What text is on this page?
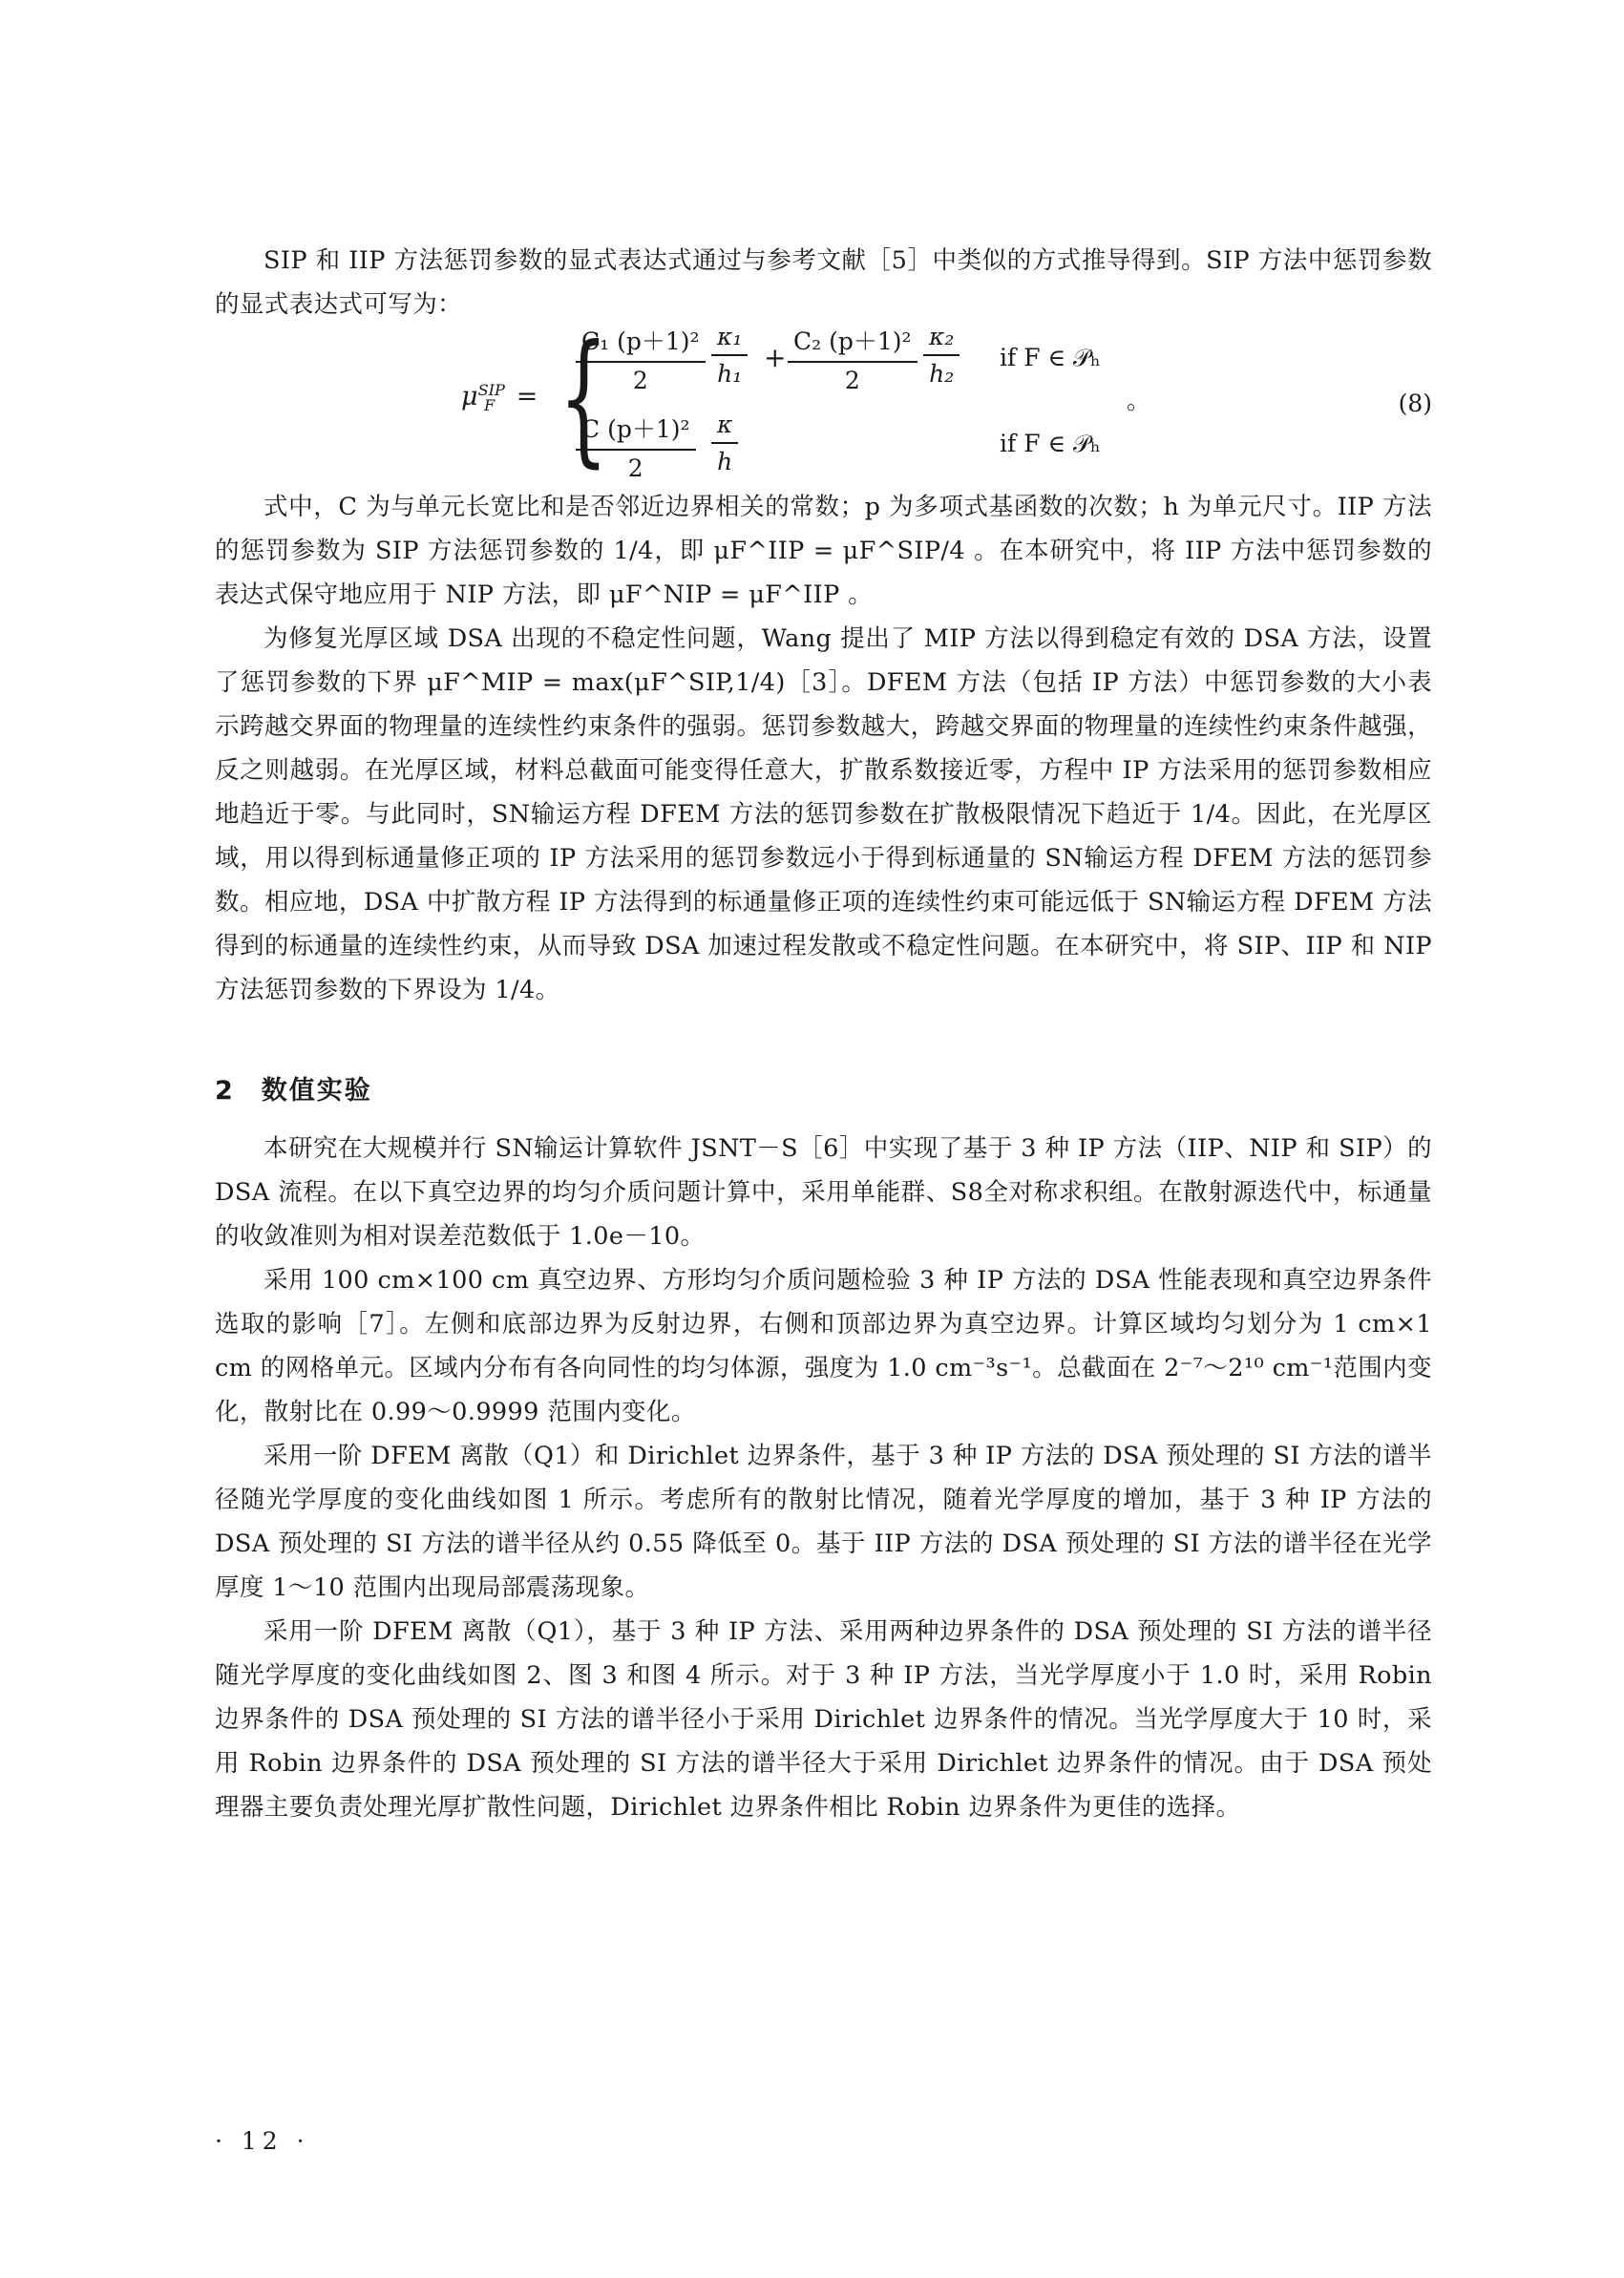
SIP 和 IIP 方法惩罚参数的显式表达式通过与参考文献［5］中类似的方式推导得到。SIP 方法中惩罚参数的显式表达式可写为：

$\mu^{SIP}_F$ = {
$\frac{\text{C₁ (p＋1)²}}{2} \frac{\text{κ₁}}{\text{h₁}} + \frac{\text{C₂ (p＋1)²}}{2} \frac{\text{κ₂}}{\text{h₂}}$ if F ∈ 𝒫ₕ
$\frac{\text{C (p＋1)²}}{2} \frac{\kappa}{h}$	if F ∈ 𝒫ₕ
。	(8)

式中，C 为与单元长宽比和是否邻近边界相关的常数；p 为多项式基函数的次数；h 为单元尺寸。IIP 方法的惩罚参数为 SIP 方法惩罚参数的 1/4，即 μF^IIP = μF^SIP/4 。在本研究中，将 IIP 方法中惩罚参数的表达式保守地应用于 NIP 方法，即 μF^NIP = μF^IIP 。

为修复光厚区域 DSA 出现的不稳定性问题，Wang 提出了 MIP 方法以得到稳定有效的 DSA 方法，设置了惩罚参数的下界 μF^MIP = max(μF^SIP,1/4)［3］。DFEM 方法（包括 IP 方法）中惩罚参数的大小表示跨越交界面的物理量的连续性约束条件的强弱。惩罚参数越大，跨越交界面的物理量的连续性约束条件越强，反之则越弱。在光厚区域，材料总截面可能变得任意大，扩散系数接近零，方程中 IP 方法采用的惩罚参数相应地趋近于零。与此同时，SN输运方程 DFEM 方法的惩罚参数在扩散极限情况下趋近于 1/4。因此，在光厚区域，用以得到标通量修正项的 IP 方法采用的惩罚参数远小于得到标通量的 SN输运方程 DFEM 方法的惩罚参数。相应地，DSA 中扩散方程 IP 方法得到的标通量修正项的连续性约束可能远低于 SN输运方程 DFEM 方法得到的标通量的连续性约束，从而导致 DSA 加速过程发散或不稳定性问题。在本研究中，将 SIP、IIP 和 NIP 方法惩罚参数的下界设为 1/4。

2 数值实验

本研究在大规模并行 SN输运计算软件 JSNT－S［6］中实现了基于 3 种 IP 方法（IIP、NIP 和 SIP）的 DSA 流程。在以下真空边界的均匀介质问题计算中，采用单能群、S8全对称求积组。在散射源迭代中，标通量的收敛准则为相对误差范数低于 1.0e－10。

采用 100 cm×100 cm 真空边界、方形均匀介质问题检验 3 种 IP 方法的 DSA 性能表现和真空边界条件选取的影响［7］。左侧和底部边界为反射边界，右侧和顶部边界为真空边界。计算区域均匀划分为 1 cm×1 cm 的网格单元。区域内分布有各向同性的均匀体源，强度为 1.0 cm⁻³s⁻¹。总截面在 2⁻⁷～2¹⁰ cm⁻¹范围内变化，散射比在 0.99～0.9999 范围内变化。

采用一阶 DFEM 离散（Q1）和 Dirichlet 边界条件，基于 3 种 IP 方法的 DSA 预处理的 SI 方法的谱半径随光学厚度的变化曲线如图 1 所示。考虑所有的散射比情况，随着光学厚度的增加，基于 3 种 IP 方法的 DSA 预处理的 SI 方法的谱半径从约 0.55 降低至 0。基于 IIP 方法的 DSA 预处理的 SI 方法的谱半径在光学厚度 1～10 范围内出现局部震荡现象。

采用一阶 DFEM 离散（Q1），基于 3 种 IP 方法、采用两种边界条件的 DSA 预处理的 SI 方法的谱半径随光学厚度的变化曲线如图 2、图 3 和图 4 所示。对于 3 种 IP 方法，当光学厚度小于 1.0 时，采用 Robin 边界条件的 DSA 预处理的 SI 方法的谱半径小于采用 Dirichlet 边界条件的情况。当光学厚度大于 10 时，采用 Robin 边界条件的 DSA 预处理的 SI 方法的谱半径大于采用 Dirichlet 边界条件的情况。由于 DSA 预处理器主要负责处理光厚扩散性问题，Dirichlet 边界条件相比 Robin 边界条件为更佳的选择。

· 12 ·
